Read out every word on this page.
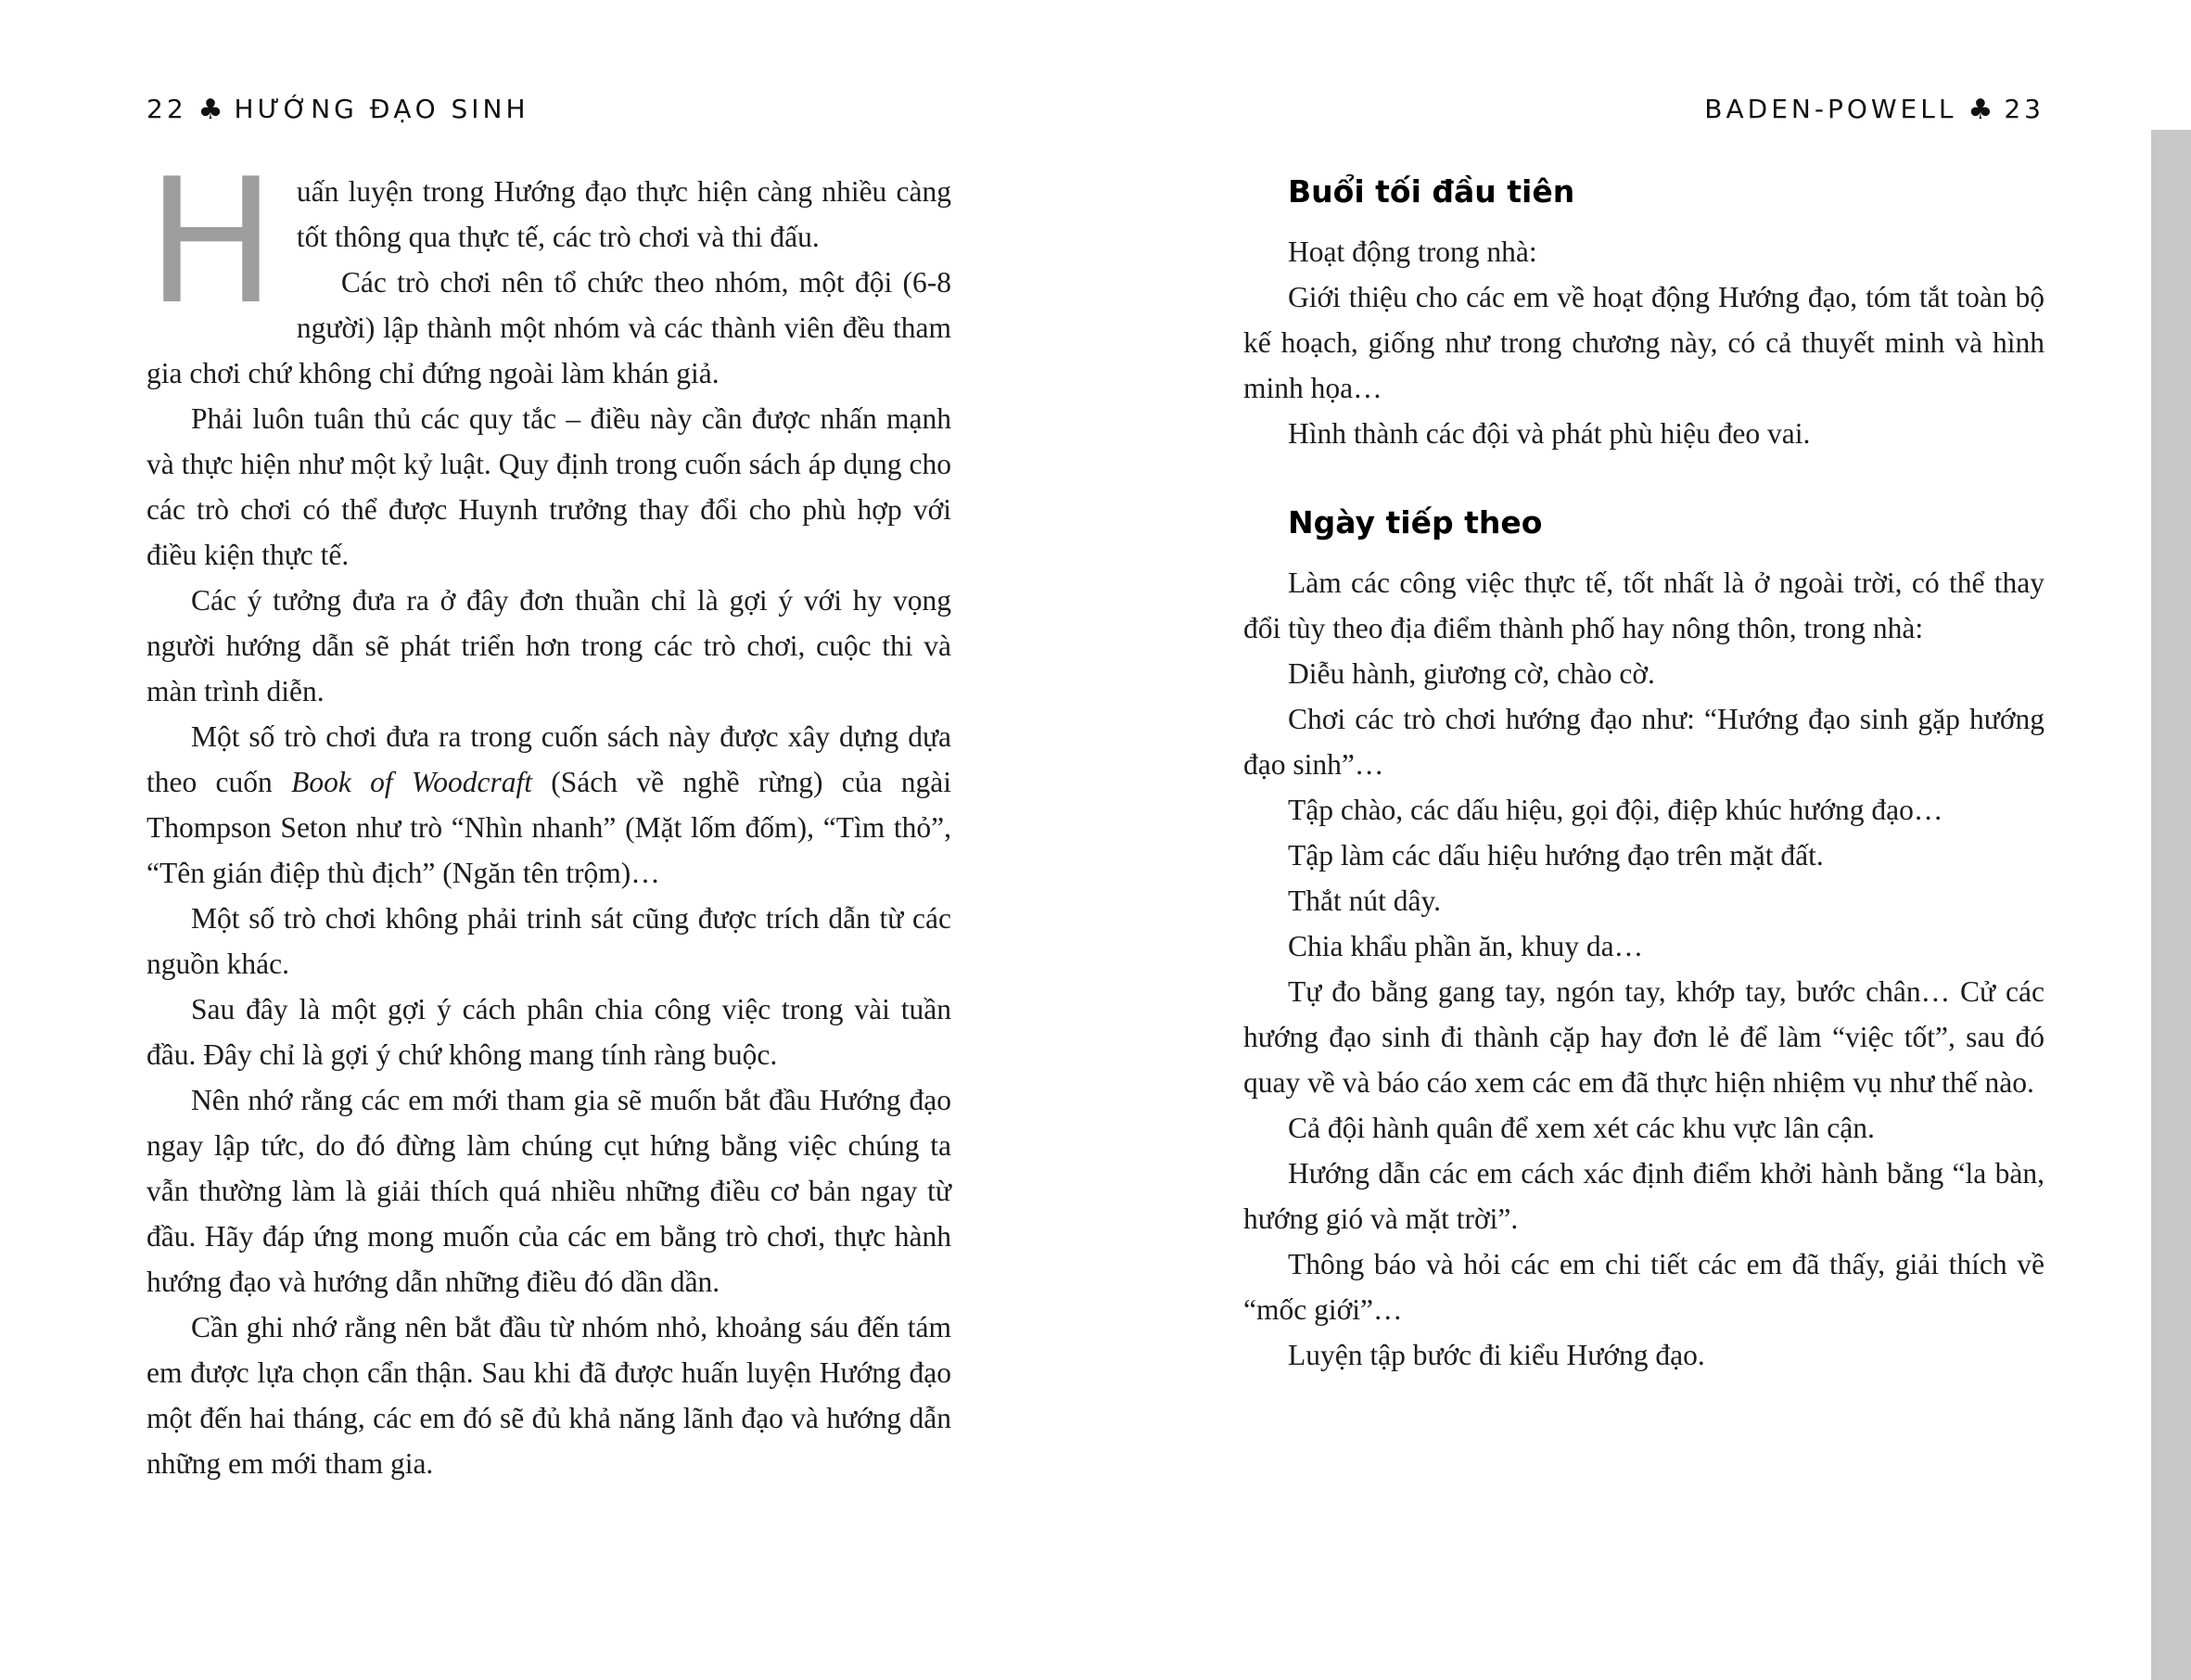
22 ♣ HƯỚNG ĐẠO SINH	BADEN-POWELL ♣ 23

Huấn luyện trong Hướng đạo thực hiện càng nhiều càng tốt thông qua thực tế, các trò chơi và thi đấu.

Các trò chơi nên tổ chức theo nhóm, một đội (6-8 người) lập thành một nhóm và các thành viên đều tham gia chơi chứ không chỉ đứng ngoài làm khán giả.

Phải luôn tuân thủ các quy tắc – điều này cần được nhấn mạnh và thực hiện như một kỷ luật. Quy định trong cuốn sách áp dụng cho các trò chơi có thể được Huynh trưởng thay đổi cho phù hợp với điều kiện thực tế.

Các ý tưởng đưa ra ở đây đơn thuần chỉ là gợi ý với hy vọng người hướng dẫn sẽ phát triển hơn trong các trò chơi, cuộc thi và màn trình diễn.

Một số trò chơi đưa ra trong cuốn sách này được xây dựng dựa theo cuốn Book of Woodcraft (Sách về nghề rừng) của ngài Thompson Seton như trò “Nhìn nhanh” (Mặt lốm đốm), “Tìm thỏ”, “Tên gián điệp thù địch” (Ngăn tên trộm)…

Một số trò chơi không phải trinh sát cũng được trích dẫn từ các nguồn khác.

Sau đây là một gợi ý cách phân chia công việc trong vài tuần đầu. Đây chỉ là gợi ý chứ không mang tính ràng buộc.

Nên nhớ rằng các em mới tham gia sẽ muốn bắt đầu Hướng đạo ngay lập tức, do đó đừng làm chúng cụt hứng bằng việc chúng ta vẫn thường làm là giải thích quá nhiều những điều cơ bản ngay từ đầu. Hãy đáp ứng mong muốn của các em bằng trò chơi, thực hành hướng đạo và hướng dẫn những điều đó dần dần.

Cần ghi nhớ rằng nên bắt đầu từ nhóm nhỏ, khoảng sáu đến tám em được lựa chọn cẩn thận. Sau khi đã được huấn luyện Hướng đạo một đến hai tháng, các em đó sẽ đủ khả năng lãnh đạo và hướng dẫn những em mới tham gia.

Buổi tối đầu tiên

Hoạt động trong nhà:

Giới thiệu cho các em về hoạt động Hướng đạo, tóm tắt toàn bộ kế hoạch, giống như trong chương này, có cả thuyết minh và hình minh họa…

Hình thành các đội và phát phù hiệu đeo vai.

Ngày tiếp theo

Làm các công việc thực tế, tốt nhất là ở ngoài trời, có thể thay đổi tùy theo địa điểm thành phố hay nông thôn, trong nhà:

Diễu hành, giương cờ, chào cờ.

Chơi các trò chơi hướng đạo như: “Hướng đạo sinh gặp hướng đạo sinh”…

Tập chào, các dấu hiệu, gọi đội, điệp khúc hướng đạo…

Tập làm các dấu hiệu hướng đạo trên mặt đất.

Thắt nút dây.

Chia khẩu phần ăn, khuy da…

Tự đo bằng gang tay, ngón tay, khớp tay, bước chân… Cử các hướng đạo sinh đi thành cặp hay đơn lẻ để làm “việc tốt”, sau đó quay về và báo cáo xem các em đã thực hiện nhiệm vụ như thế nào.

Cả đội hành quân để xem xét các khu vực lân cận.

Hướng dẫn các em cách xác định điểm khởi hành bằng “la bàn, hướng gió và mặt trời”.

Thông báo và hỏi các em chi tiết các em đã thấy, giải thích về “mốc giới”…

Luyện tập bước đi kiểu Hướng đạo.
